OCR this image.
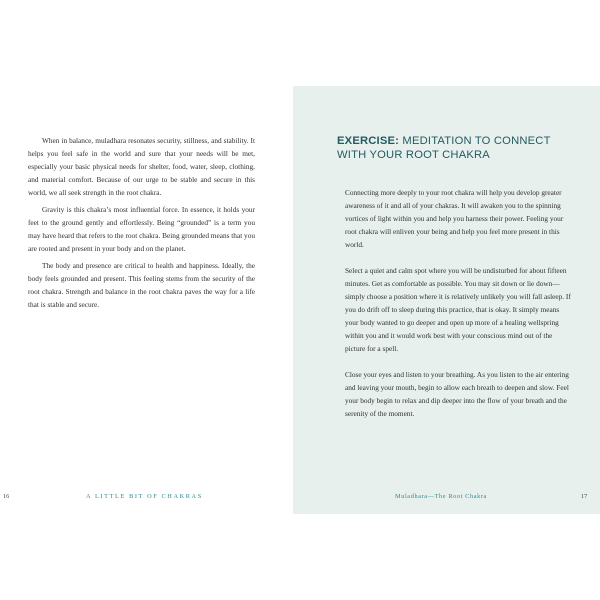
When in balance, muladhara resonates security, stillness, and stability. It helps you feel safe in the world and sure that your needs will be met, especially your basic physical needs for shelter, food, water, sleep, clothing, and material comfort. Because of our urge to be stable and secure in this world, we all seek strength in the root chakra.

Gravity is this chakra’s most influential force. In essence, it holds your feet to the ground gently and effortlessly. Being “grounded” is a term you may have heard that refers to the root chakra. Being grounded means that you are rooted and present in your body and on the planet.

The body and presence are critical to health and happiness. Ideally, the body feels grounded and present. This feeling stems from the security of the root chakra. Strength and balance in the root chakra paves the way for a life that is stable and secure.

EXERCISE: MEDITATION TO CONNECT WITH YOUR ROOT CHAKRA

Connecting more deeply to your root chakra will help you develop greater awareness of it and all of your chakras. It will awaken you to the spinning vortices of light within you and help you harness their power. Feeling your root chakra will enliven your being and help you feel more present in this world.

Select a quiet and calm spot where you will be undisturbed for about fifteen minutes. Get as comfortable as possible. You may sit down or lie down—simply choose a position where it is relatively unlikely you will fall asleep. If you do drift off to sleep during this practice, that is okay. It simply means your body wanted to go deeper and open up more of a healing wellspring within you and it would work best with your conscious mind out of the picture for a spell.

Close your eyes and listen to your breathing. As you listen to the air entering and leaving your mouth, begin to allow each breath to deepen and slow. Feel your body begin to relax and dip deeper into the flow of your breath and the serenity of the moment.

16	A LITTLE BIT OF CHAKRAS	Muladhara—The Root Chakra	17
